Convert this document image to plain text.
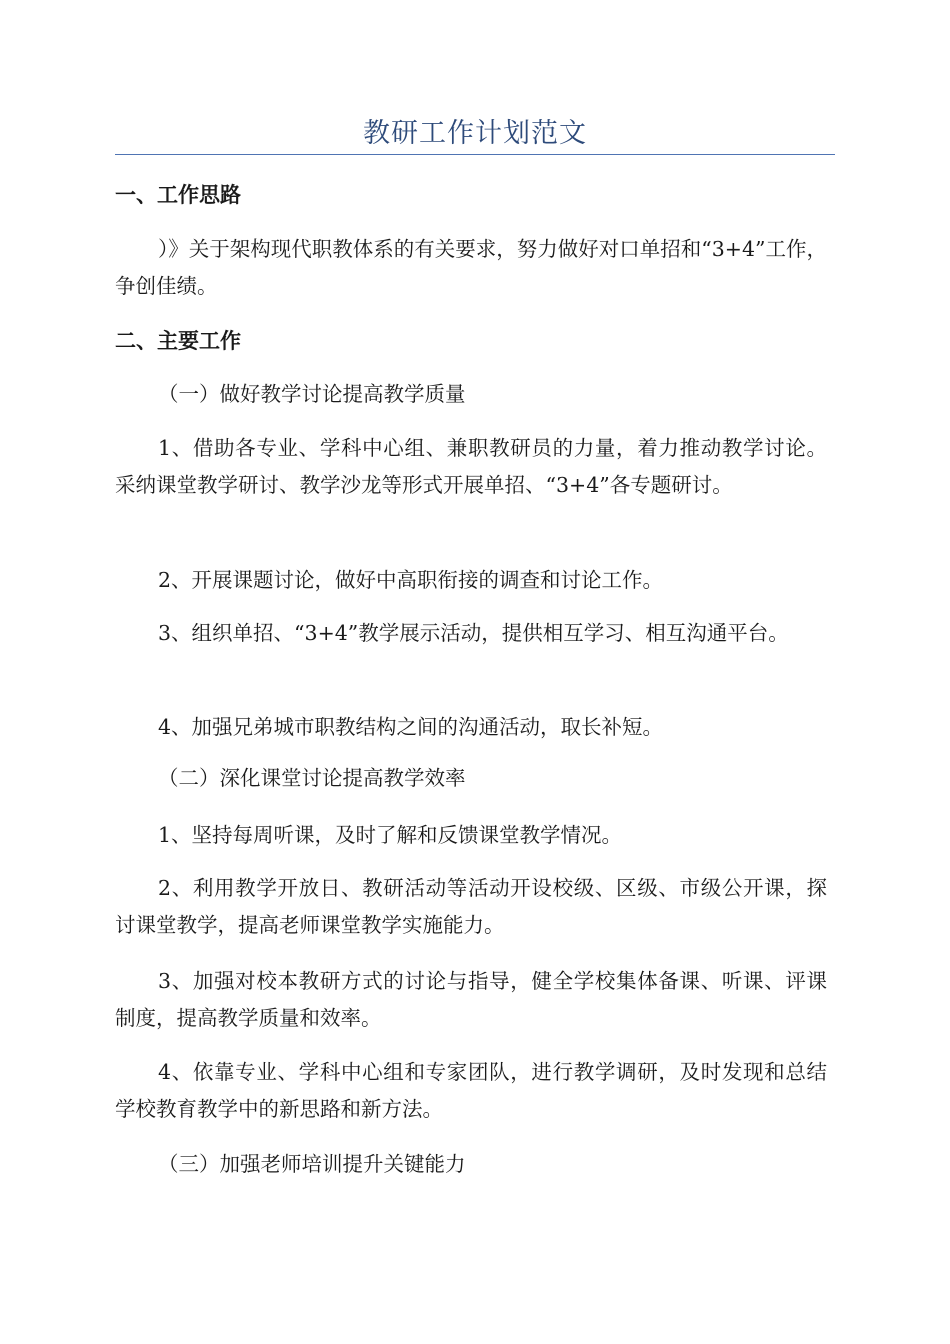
教研工作计划范文
一、工作思路

）》关于架构现代职教体系的有关要求，努力做好对口单招和“3+4”工作，争创佳绩。

二、主要工作
（一）做好教学讨论提高教学质量

1、借助各专业、学科中心组、兼职教研员的力量，着力推动教学讨论。采纳课堂教学研讨、教学沙龙等形式开展单招、“3+4”各专题研讨。

2、开展课题讨论，做好中高职衔接的调查和讨论工作。

3、组织单招、“3+4”教学展示活动，提供相互学习、相互沟通平台。

4、加强兄弟城市职教结构之间的沟通活动，取长补短。

（二）深化课堂讨论提高教学效率

1、坚持每周听课，及时了解和反馈课堂教学情况。

2、利用教学开放日、教研活动等活动开设校级、区级、市级公开课，探讨课堂教学，提高老师课堂教学实施能力。

3、加强对校本教研方式的讨论与指导，健全学校集体备课、听课、评课制度，提高教学质量和效率。

4、依靠专业、学科中心组和专家团队，进行教学调研，及时发现和总结学校教育教学中的新思路和新方法。

（三）加强老师培训提升关键能力
